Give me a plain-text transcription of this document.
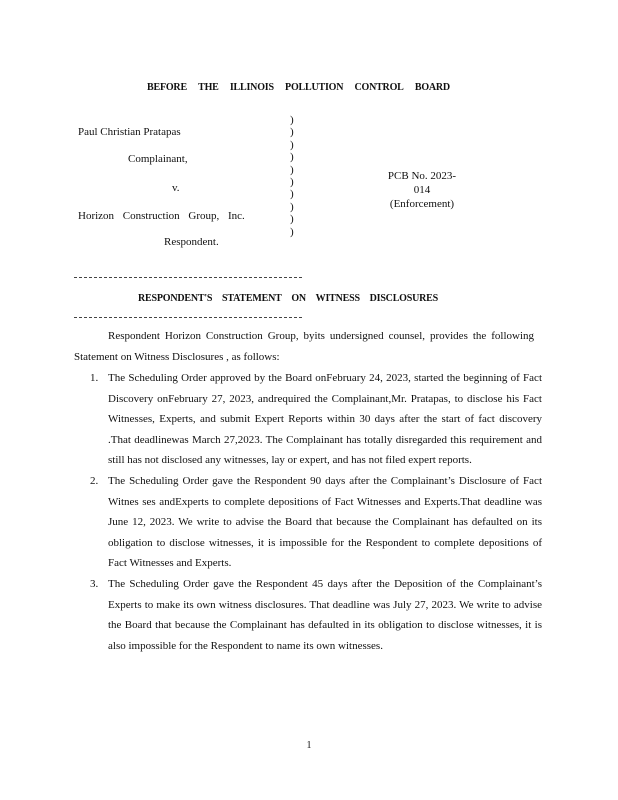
BEFORE THE ILLINOIS POLLUTION CONTROL BOARD
Paul Christian Pratapas
Complainant,
v.
Horizon Construction Group, Inc.
Respondent.
)
)
)
)
)
)
)
)
)
)
PCB No. 2023-014
(Enforcement)
RESPONDENT'S STATEMENT ON WITNESS DISCLOSURES
Respondent Horizon Construction Group, byits undersigned counsel, provides the following Statement on Witness Disclosures , as follows:
1. The Scheduling Order approved by the Board onFebruary 24, 2023, started the beginning of Fact Discovery onFebruary 27, 2023, andrequired the Complainant,Mr. Pratapas, to disclose his Fact Witnesses, Experts, and submit Expert Reports within 30 days after the start of fact discovery .That deadlinewas March 27,2023. The Complainant has totally disregarded this requirement and still has not disclosed any witnesses, lay or expert, and has not filed expert reports.
2. The Scheduling Order gave the Respondent 90 days after the Complainant’s Disclosure of Fact Witnes ses andExperts to complete depositions of Fact Witnesses and Experts.That deadline was June 12, 2023. We write to advise the Board that because the Complainant has defaulted on its obligation to disclose witnesses, it is impossible for the Respondent to complete depositions of Fact Witnesses and Experts.
3. The Scheduling Order gave the Respondent 45 days after the Deposition of the Complainant’s Experts to make its own witness disclosures. That deadline was July 27, 2023. We write to advise the Board that because the Complainant has defaulted in its obligation to disclose witnesses, it is also impossible for the Respondent to name its own witnesses.
1
